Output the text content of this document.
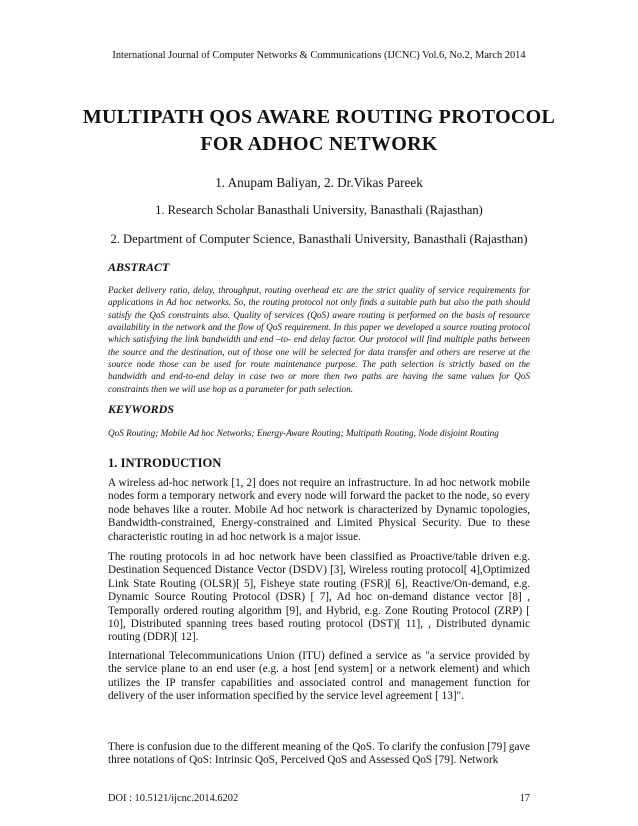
International Journal of Computer Networks & Communications (IJCNC) Vol.6, No.2, March 2014
MULTIPATH QOS AWARE ROUTING PROTOCOL
FOR ADHOC NETWORK
1. Anupam Baliyan, 2. Dr.Vikas Pareek
1. Research Scholar Banasthali University, Banasthali (Rajasthan)
2. Department of Computer Science, Banasthali University, Banasthali (Rajasthan)
ABSTRACT
Packet delivery ratio, delay, throughput, routing overhead etc are the strict quality of service requirements for applications in Ad hoc networks. So, the routing protocol not only finds a suitable path but also the path should satisfy the QoS constraints also. Quality of services (QoS) aware routing is performed on the basis of resource availability in the network and the flow of QoS requirement. In this paper we developed a source routing protocol which satisfying the link bandwidth and end –to- end delay factor. Our protocol will find multiple paths between the source and the destination, out of those one will be selected for data transfer and others are reserve at the source node those can be used for route maintenance purpose. The path selection is strictly based on the bandwidth and end-to-end delay in case two or more then two paths are having the same values for QoS constraints then we will use hop as a parameter for path selection.
KEYWORDS
QoS Routing; Mobile Ad hoc Networks; Energy-Aware Routing; Multipath Routing, Node disjoint Routing
1. INTRODUCTION
A wireless ad-hoc network [1, 2] does not require an infrastructure. In ad hoc network mobile nodes form a temporary network and every node will forward the packet to the node, so every node behaves like a router. Mobile Ad hoc network is characterized by Dynamic topologies, Bandwidth-constrained, Energy-constrained and Limited Physical Security. Due to these characteristic routing in ad hoc network is a major issue.
The routing protocols in ad hoc network have been classified as Proactive/table driven e.g. Destination Sequenced Distance Vector (DSDV) [3], Wireless routing protocol[ 4],Optimized Link State Routing (OLSR)[ 5], Fisheye state routing (FSR)[ 6], Reactive/On-demand, e.g. Dynamic Source Routing Protocol (DSR) [ 7], Ad hoc on-demand distance vector [8] , Temporally ordered routing algorithm [9], and Hybrid, e.g. Zone Routing Protocol (ZRP) [ 10], Distributed spanning trees based routing protocol (DST)[ 11], , Distributed dynamic routing (DDR)[ 12].
International Telecommunications Union (ITU) defined a service as "a service provided by the service plane to an end user (e.g. a host [end system] or a network element) and which utilizes the IP transfer capabilities and associated control and management function for delivery of the user information specified by the service level agreement [ 13]".
There is confusion due to the different meaning of the QoS. To clarify the confusion [79] gave three notations of QoS: Intrinsic QoS, Perceived QoS and Assessed QoS [79]. Network
DOI : 10.5121/ijcnc.2014.6202	17
